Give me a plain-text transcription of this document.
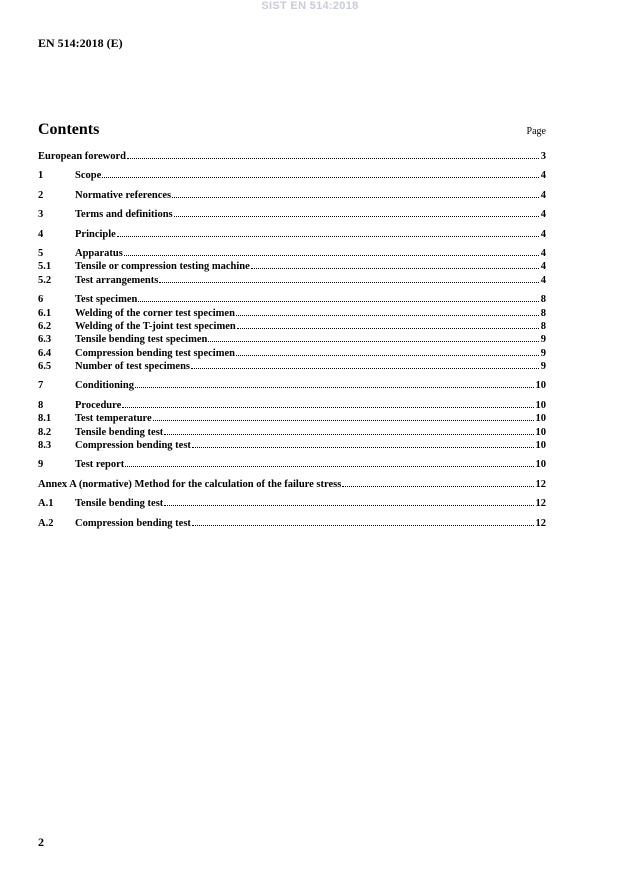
SIST EN 514:2018
EN 514:2018 (E)
Contents	Page
European foreword	3
1	Scope	4
2	Normative references	4
3	Terms and definitions	4
4	Principle	4
5	Apparatus	4
5.1	Tensile or compression testing machine	4
5.2	Test arrangements	4
6	Test specimen	8
6.1	Welding of the corner test specimen	8
6.2	Welding of the T-joint test specimen	8
6.3	Tensile bending test specimen	9
6.4	Compression bending test specimen	9
6.5	Number of test specimens	9
7	Conditioning	10
8	Procedure	10
8.1	Test temperature	10
8.2	Tensile bending test	10
8.3	Compression bending test	10
9	Test report	10
Annex A (normative) Method for the calculation of the failure stress	12
A.1	Tensile bending test	12
A.2	Compression bending test	12
2
